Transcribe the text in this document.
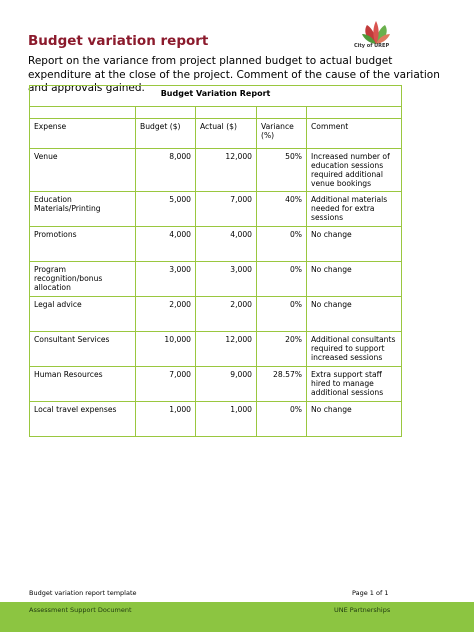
Budget variation report	City of UREP
Report on the variance from project planned budget to actual budget expenditure at the close of the project. Comment of the cause of the variation and approvals gained.	Budget Variation Report				

Expense	Budget ($)	Actual ($)	Variance (%)	Comment
Venue	8,000	12,000	50%	Increased number of education sessions required additional venue bookings
Education Materials/Printing	5,000	7,000	40%	Additional materials needed for extra sessions
Promotions	4,000	4,000	0%	No change
Program recognition/bonus allocation	3,000	3,000	0%	No change
Legal advice	2,000	2,000	0%	No change
Consultant Services	10,000	12,000	20%	Additional consultants required to support increased sessions
Human Resources	7,000	9,000	28.57%	Extra support staff hired to manage additional sessions
Local travel expenses	1,000	1,000	0%	No change
Budget variation report template	Page 1 of 1
Assessment Support Document	UNE Partnerships
